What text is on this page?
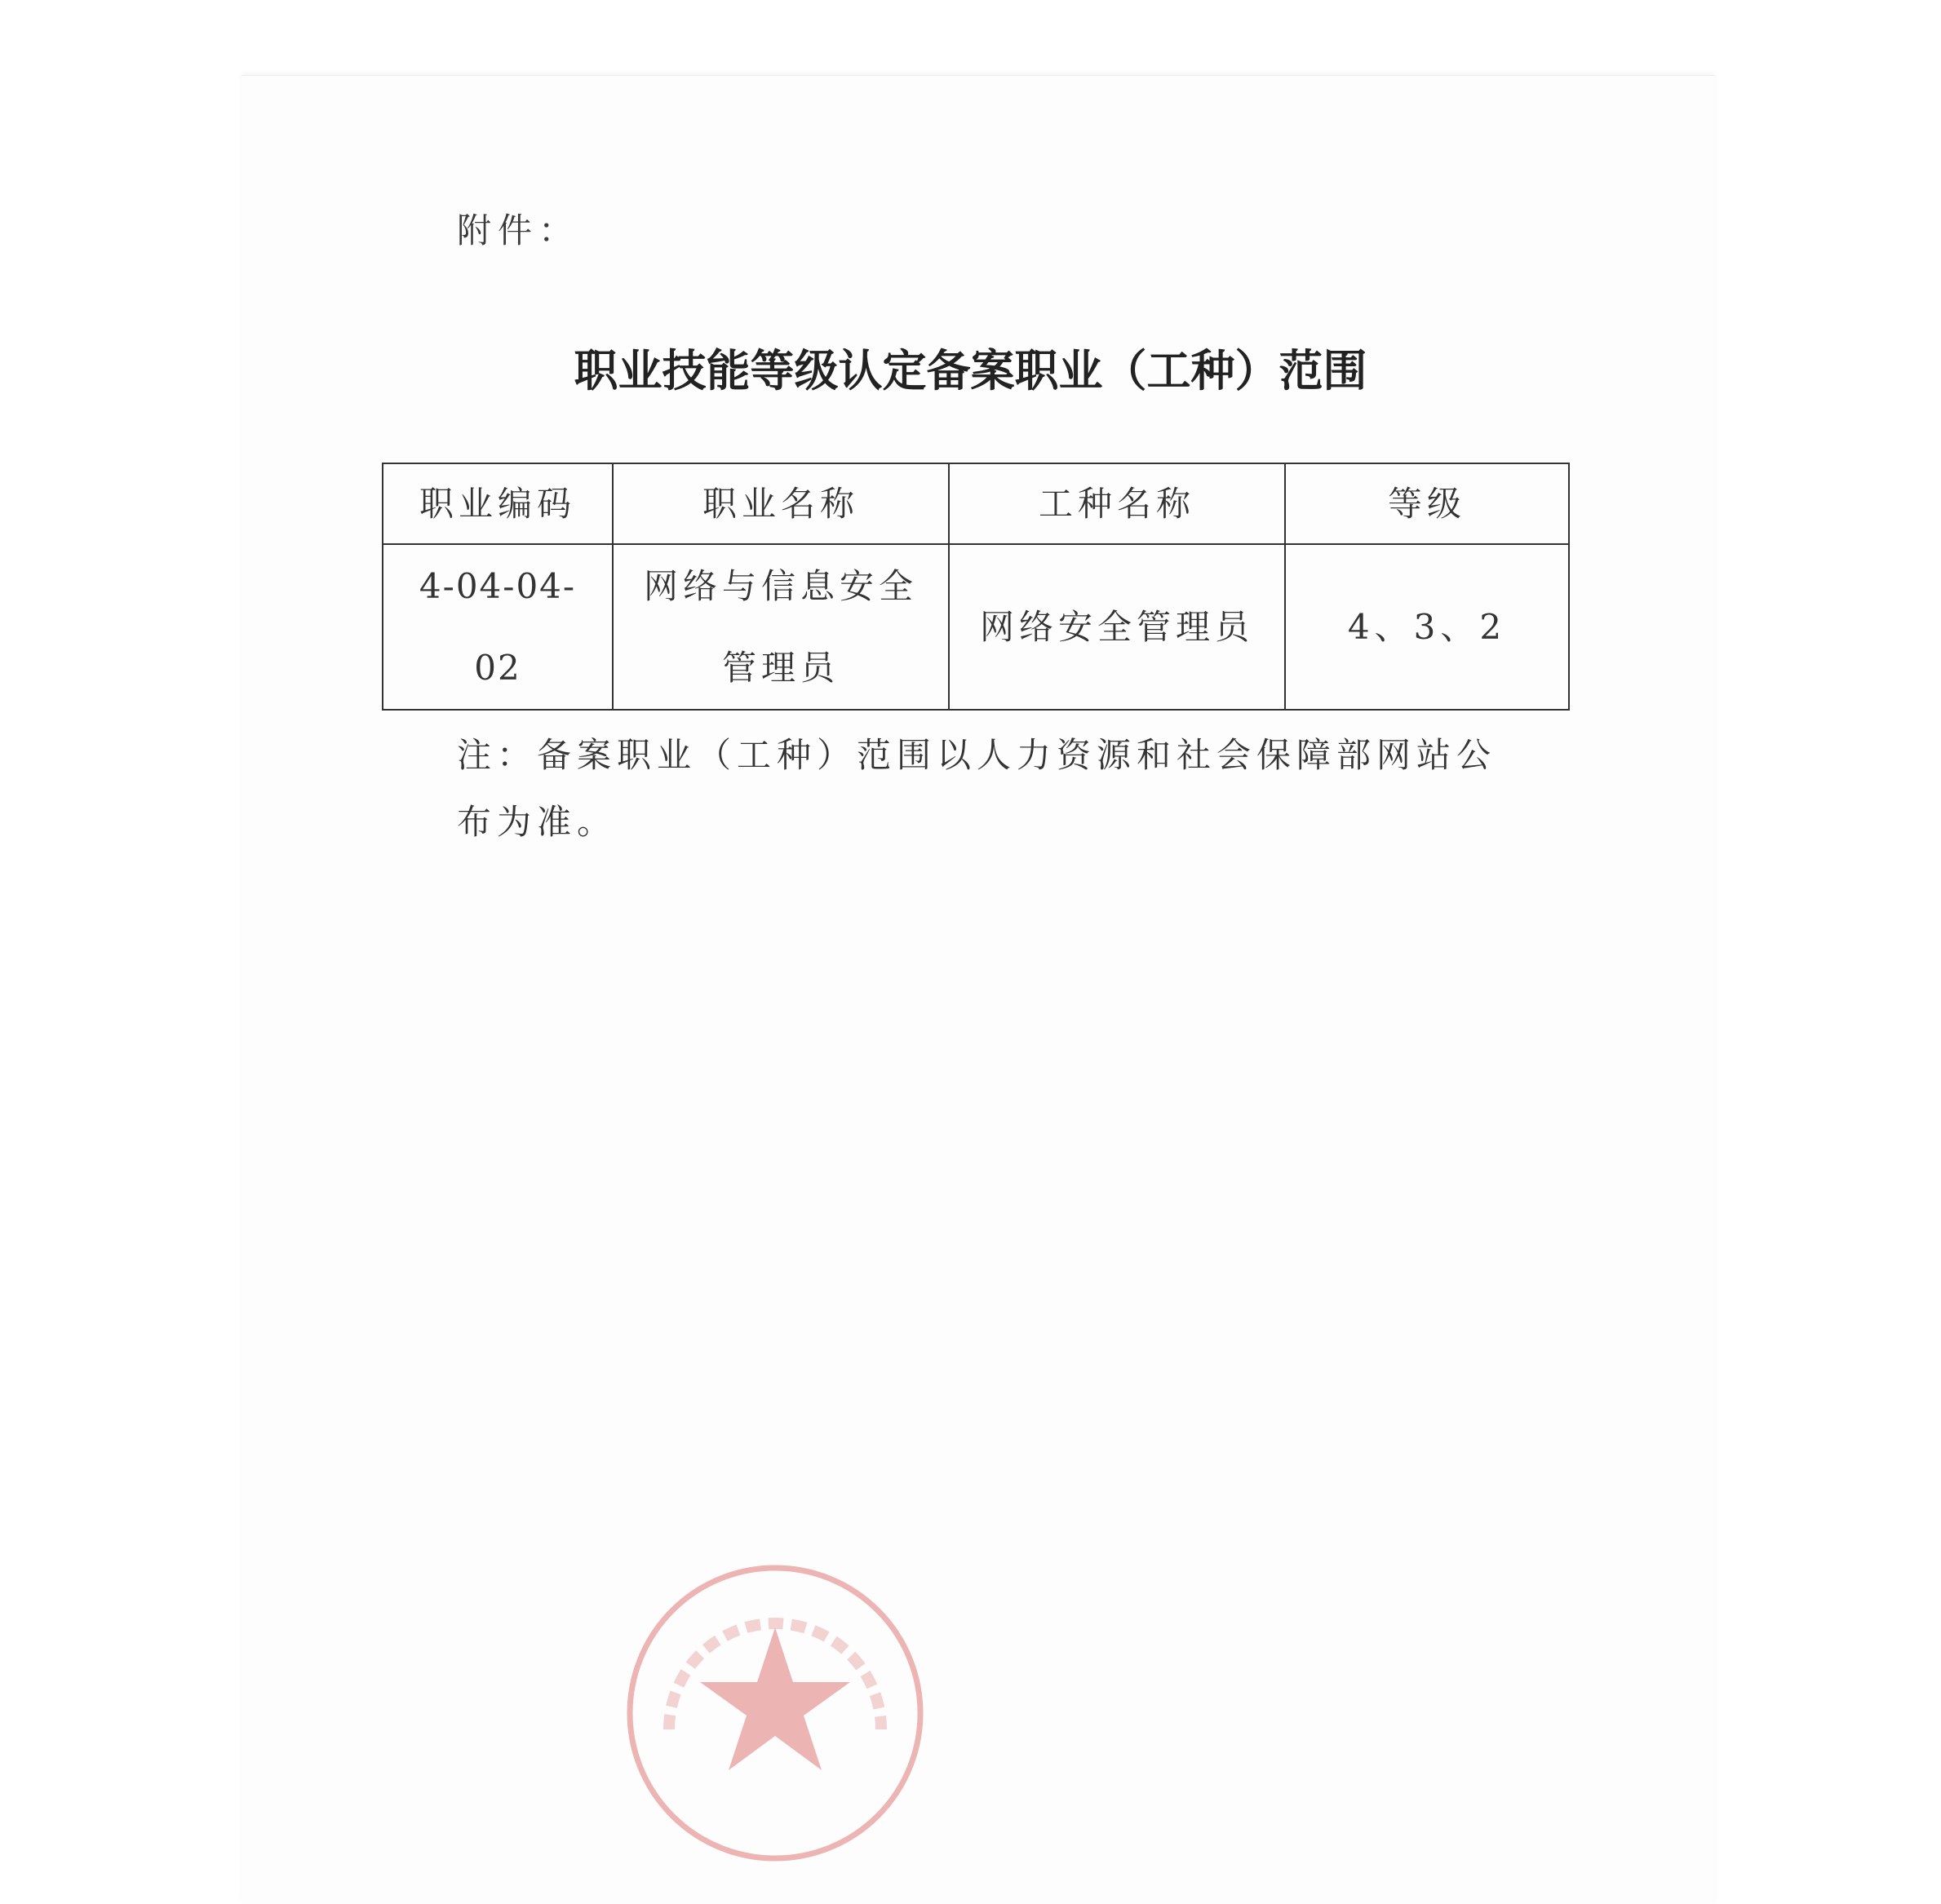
附件：
职业技能等级认定备案职业（工种）范围
职业编码	职业名称	工种名称	等级
4-04-04-02	网络与信息安全管理员	网络安全管理员	4、3、2
注：备案职业（工种）范围以人力资源和社会保障部网站公布为准。
